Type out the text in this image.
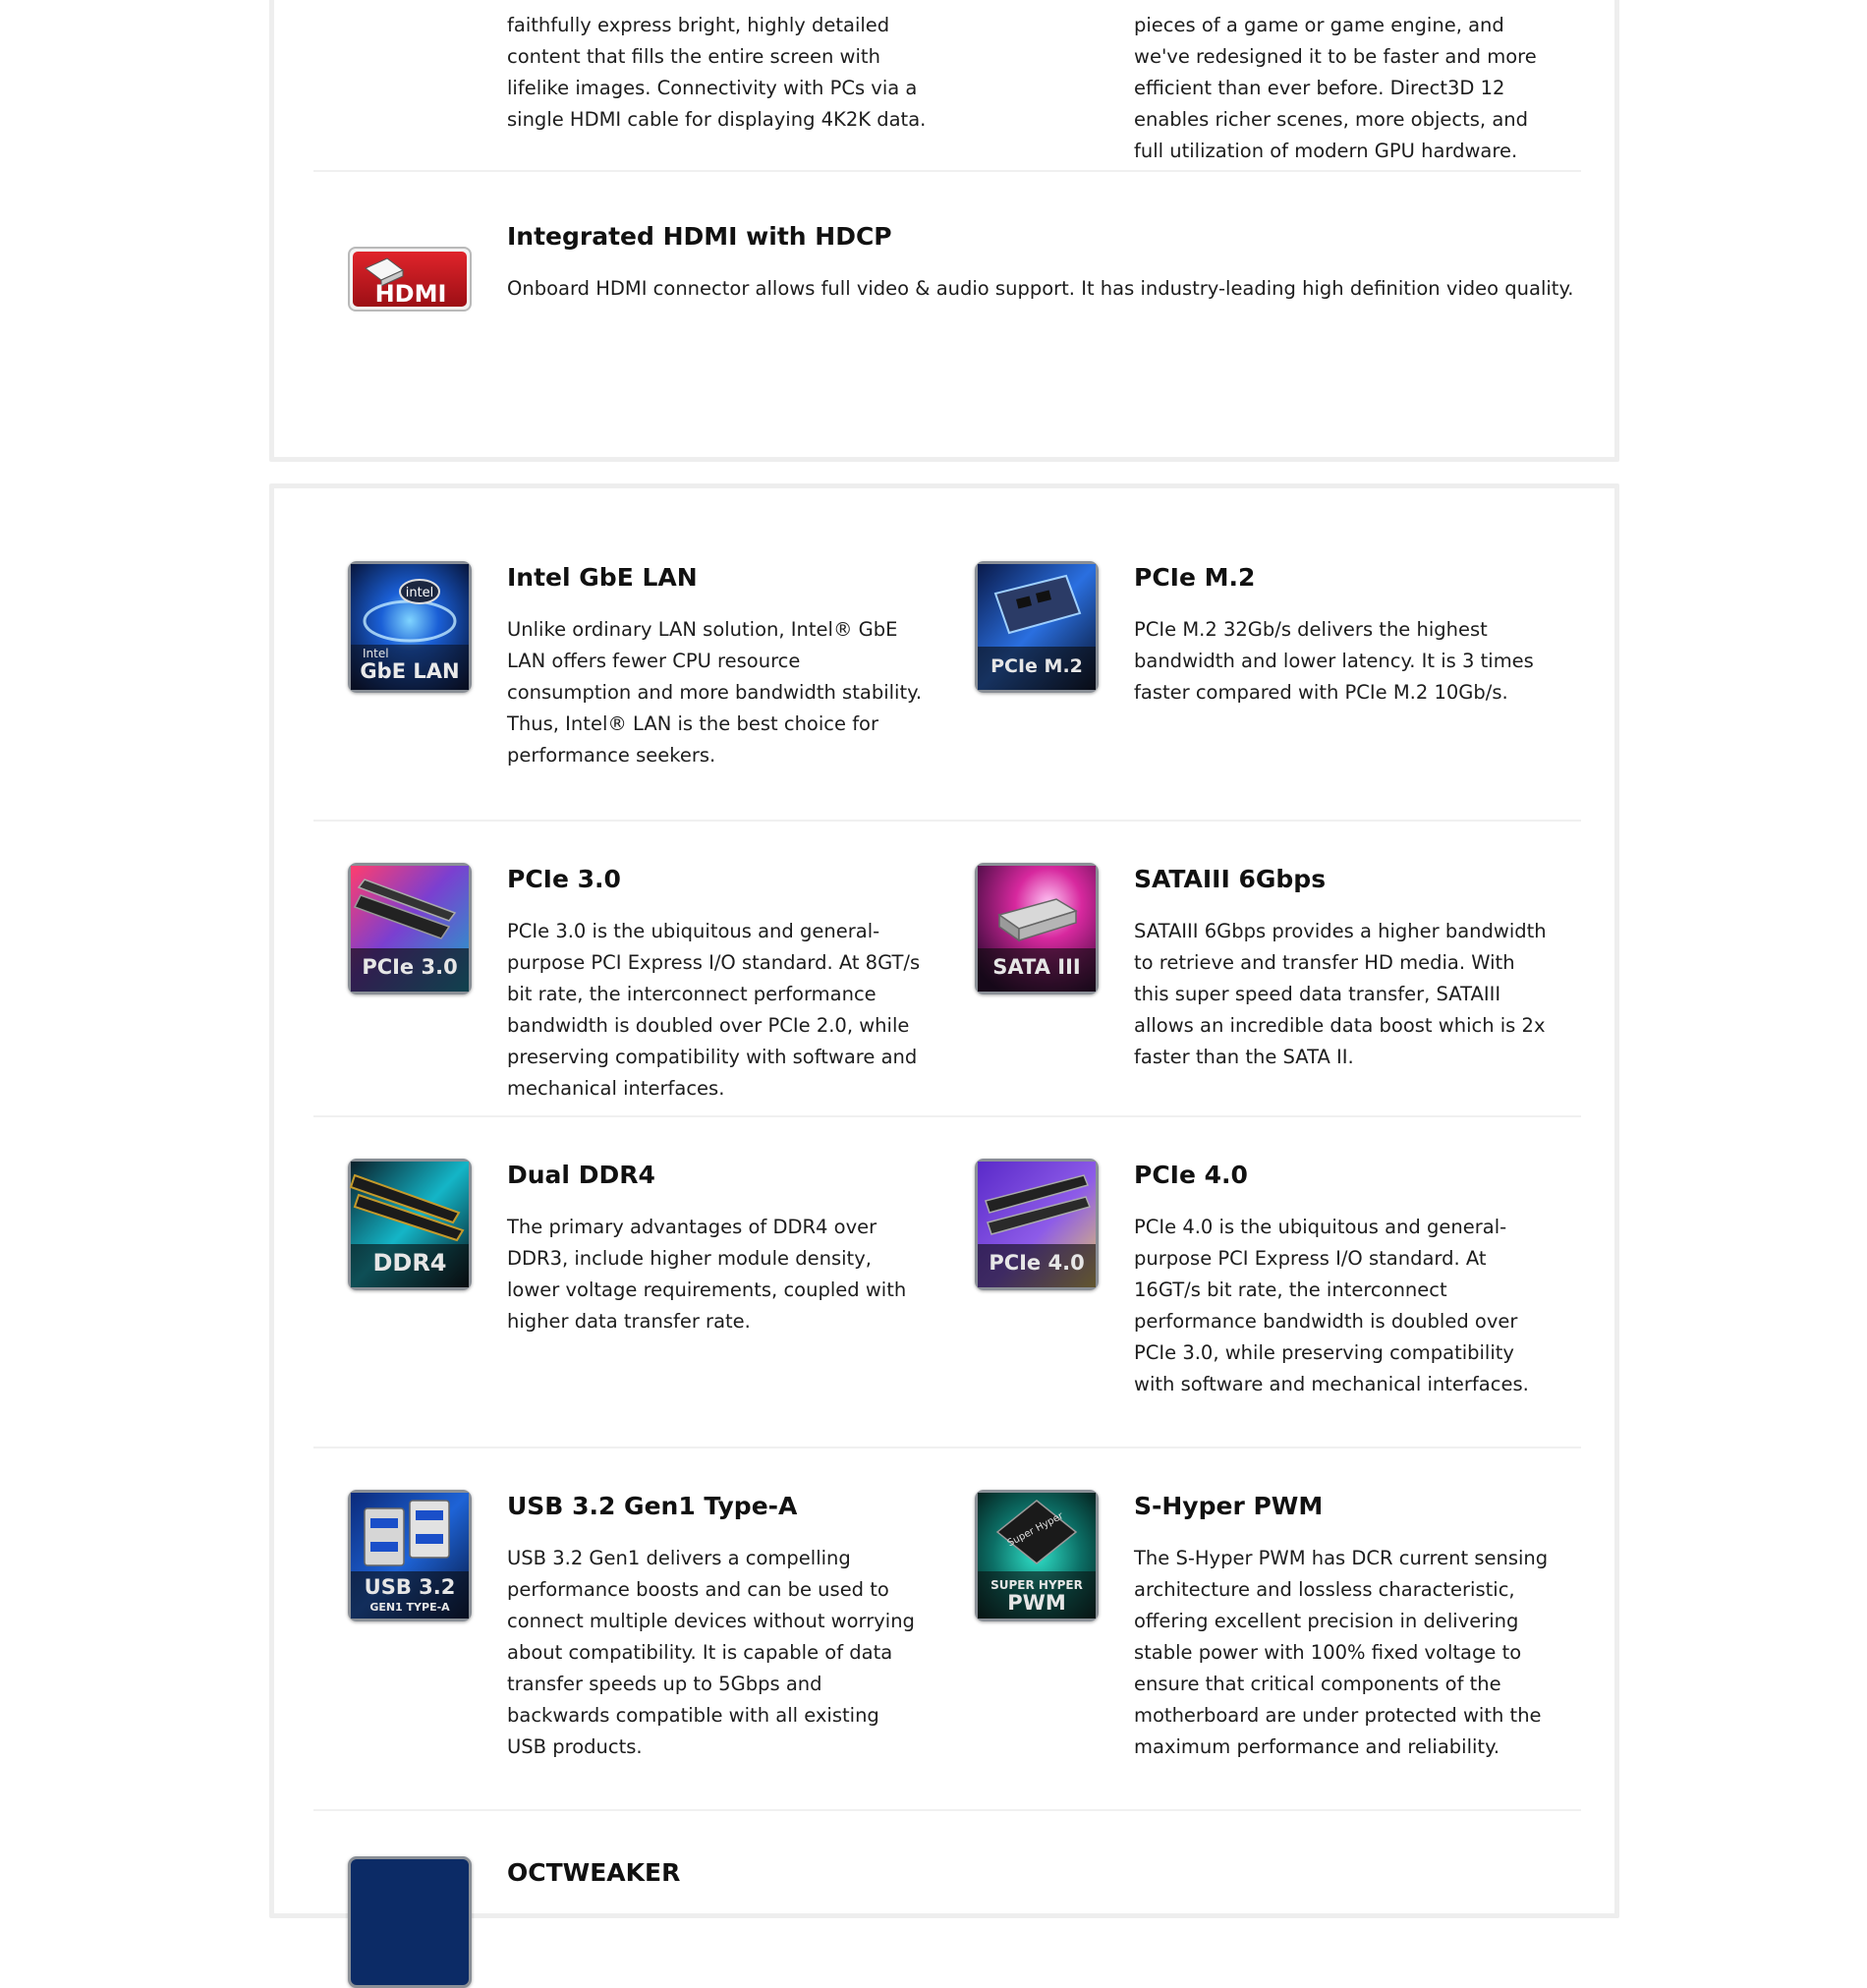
faithfully express bright, highly detailed content that fills the entire screen with lifelike images. Connectivity with PCs via a single HDMI cable for displaying 4K2K data.

pieces of a game or game engine, and we've redesigned it to be faster and more efficient than ever before. Direct3D 12 enables richer scenes, more objects, and full utilization of modern GPU hardware.

HDMI
Integrated HDMI with HDCP

Onboard HDMI connector allows full video & audio support. It has industry-leading high definition video quality.

intel
Intel
GbE LAN
Intel GbE LAN

Unlike ordinary LAN solution, Intel® GbE LAN offers fewer CPU resource consumption and more bandwidth stability. Thus, Intel® LAN is the best choice for performance seekers.

PCIe M.2
PCIe M.2

PCIe M.2 32Gb/s delivers the highest bandwidth and lower latency. It is 3 times faster compared with PCIe M.2 10Gb/s.

PCIe 3.0
PCIe 3.0

PCIe 3.0 is the ubiquitous and general-purpose PCI Express I/O standard. At 8GT/s bit rate, the interconnect performance bandwidth is doubled over PCIe 2.0, while preserving compatibility with software and mechanical interfaces.

SATA III
SATAIII 6Gbps

SATAIII 6Gbps provides a higher bandwidth to retrieve and transfer HD media. With this super speed data transfer, SATAIII allows an incredible data boost which is 2x faster than the SATA II.

DDR4
Dual DDR4

The primary advantages of DDR4 over DDR3, include higher module density, lower voltage requirements, coupled with higher data transfer rate.

PCIe 4.0
PCIe 4.0

PCIe 4.0 is the ubiquitous and general-purpose PCI Express I/O standard. At 16GT/s bit rate, the interconnect performance bandwidth is doubled over PCIe 3.0, while preserving compatibility with software and mechanical interfaces.

USB 3.2
GEN1 TYPE-A
USB 3.2 Gen1 Type-A

USB 3.2 Gen1 delivers a compelling performance boosts and can be used to connect multiple devices without worrying about compatibility. It is capable of data transfer speeds up to 5Gbps and backwards compatible with all existing USB products.

Super Hyper
SUPER HYPER
PWM
S-Hyper PWM

The S-Hyper PWM has DCR current sensing architecture and lossless characteristic, offering excellent precision in delivering stable power with 100% fixed voltage to ensure that critical components of the motherboard are under protected with the maximum performance and reliability.

OCTWEAKER
